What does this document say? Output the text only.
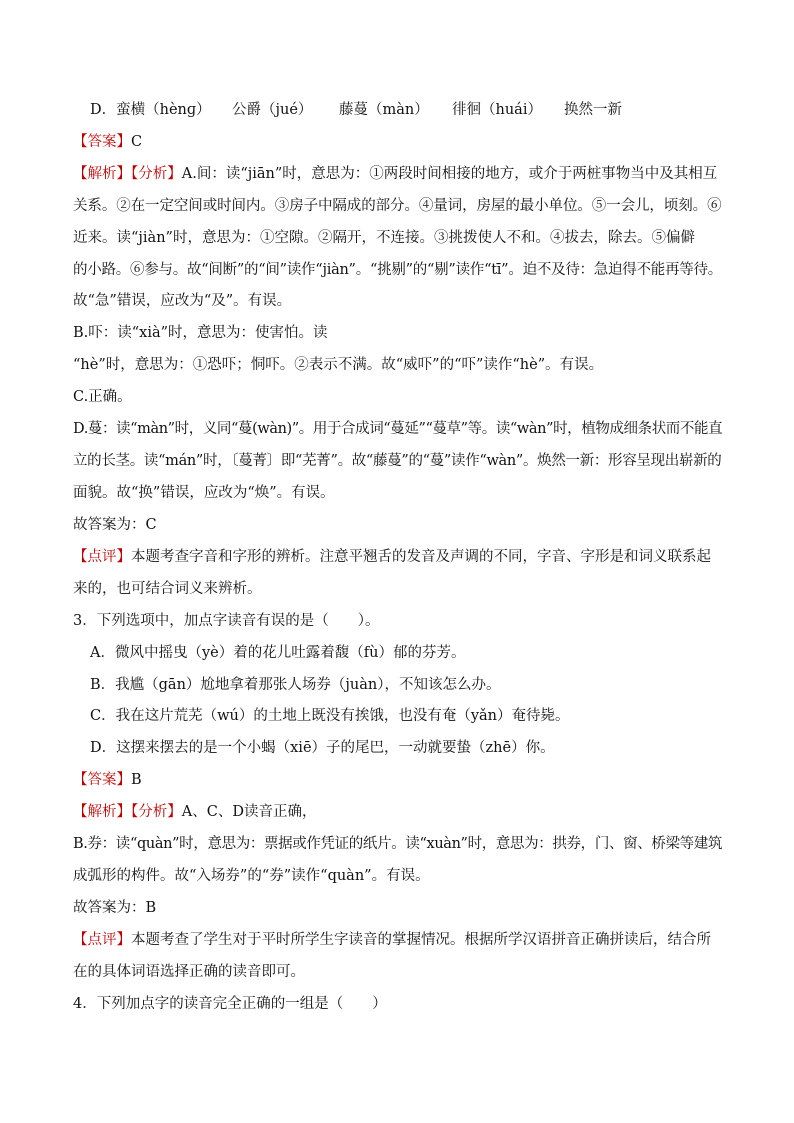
D．蛮横（hènɡ） 公爵（jué） 藤蔓（màn） 徘徊（huái） 换然一新
【答案】C
【解析】【分析】A.间：读“jiān”时，意思为：①两段时间相接的地方，或介于两桩事物当中及其相互
关系。②在一定空间或时间内。③房子中隔成的部分。④量词，房屋的最小单位。⑤一会儿，顷刻。⑥
近来。读“jiàn”时，意思为：①空隙。②隔开，不连接。③挑拨使人不和。④拔去，除去。⑤偏僻
的小路。⑥参与。故“间断”的“间”读作“jiàn”。“挑剔”的“剔”读作“tī”。迫不及待：急迫得不能再等待。
故“急”错误，应改为“及”。有误。
B.吓：读“xià”时，意思为：使害怕。读
“hè”时，意思为：①恐吓；恫吓。②表示不满。故“威吓”的“吓”读作“hè”。有误。
C.正确。
D.蔓：读“màn”时，义同“蔓(wàn)”。用于合成词“蔓延”“蔓草”等。读“wàn”时，植物成细条状而不能直
立的长茎。读“mán”时，〔蔓菁〕即“芜菁”。故“藤蔓”的“蔓”读作“wàn”。焕然一新：形容呈现出崭新的
面貌。故“换”错误，应改为“焕”。有误。
故答案为：C
【点评】本题考查字音和字形的辨析。注意平翘舌的发音及声调的不同，字音、字形是和词义联系起
来的，也可结合词义来辨析。
3．下列选项中，加点字读音有误的是（　　）。
A．微风中摇曳（yè）着的花儿吐露着馥（fù）郁的芬芳。
B．我尴（gān）尬地拿着那张人场券（juàn），不知该怎么办。
C．我在这片荒芜（wú）的土地上既没有挨饿，也没有奄（yǎn）奄待毙。
D．这摆来摆去的是一个小蝎（xiē）子的尾巴，一动就要蛰（zhē）你。
【答案】B
【解析】【分析】A、C、D读音正确，
B.券：读“quàn”时，意思为：票据或作凭证的纸片。读“xuàn”时，意思为：拱券，门、窗、桥梁等建筑
成弧形的构件。故“入场券”的“券”读作“quàn”。有误。
故答案为：B
【点评】本题考查了学生对于平时所学生字读音的掌握情况。根据所学汉语拼音正确拼读后，结合所
在的具体词语选择正确的读音即可。
4．下列加点字的读音完全正确的一组是（　　）
